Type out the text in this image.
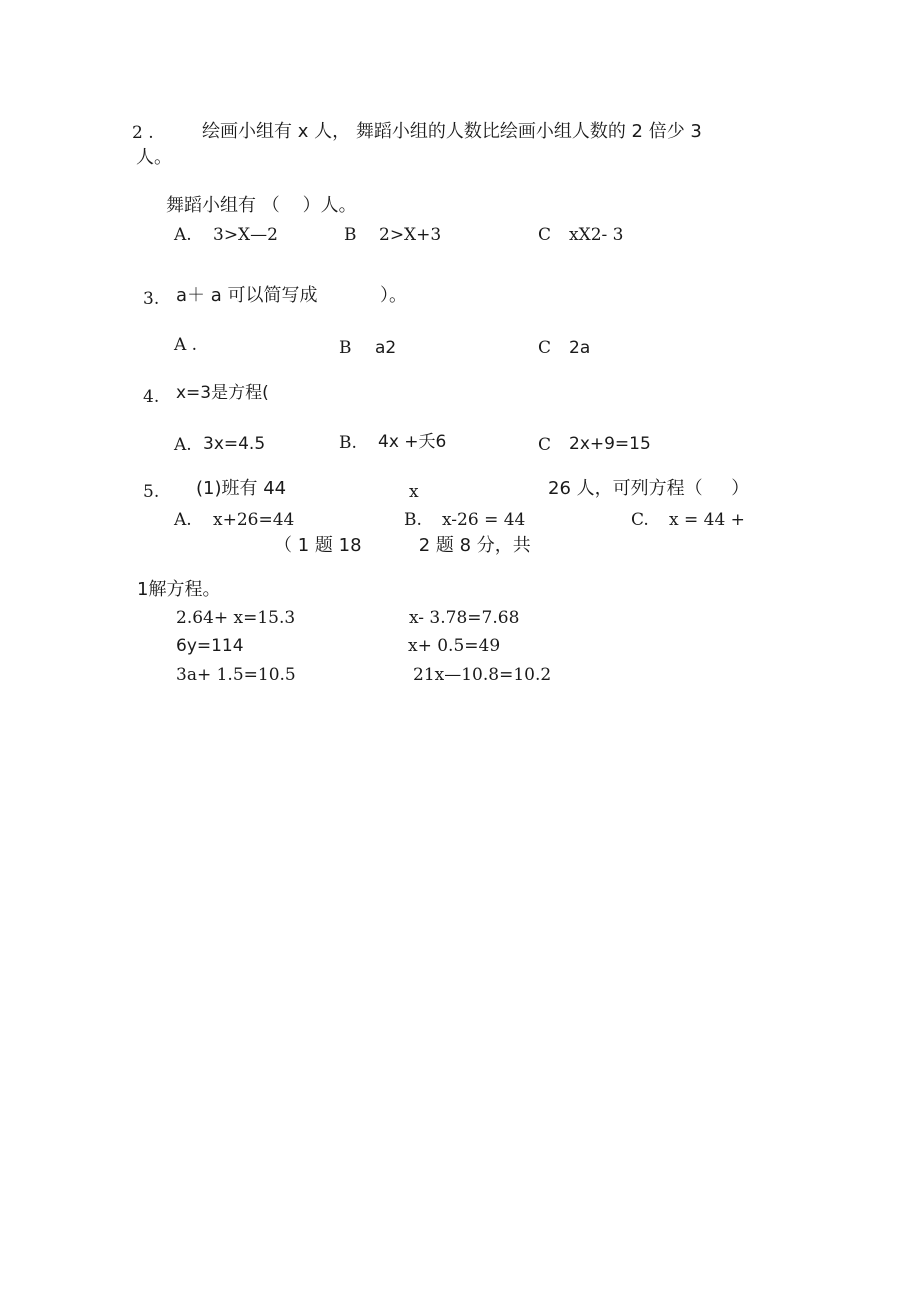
2 .	绘画小组有 x 人， 舞蹈小组的人数比绘画小组人数的 2 倍少 3
人。
舞蹈小组有 （    ）人。
A. 3>X—2	B 2>X+3	C xX2- 3
3. a＋ a 可以简写成	）。
A .	B a2	C 2a
4. x=3是方程(
A. 3x=4.5	B. 4x +夭6	C 2x+9=15
5. (1)班有 44	x	26 人，可列方程（     ）
A. x+26=44	B. x-26 = 44	C. x = 44 +
（ 1 题 18          2 题 8 分，共
1解方程。
2.64+ x=15.3	x- 3.78=7.68
6y=114	x+ 0.5=49
3a+ 1.5=10.5	21x—10.8=10.2
